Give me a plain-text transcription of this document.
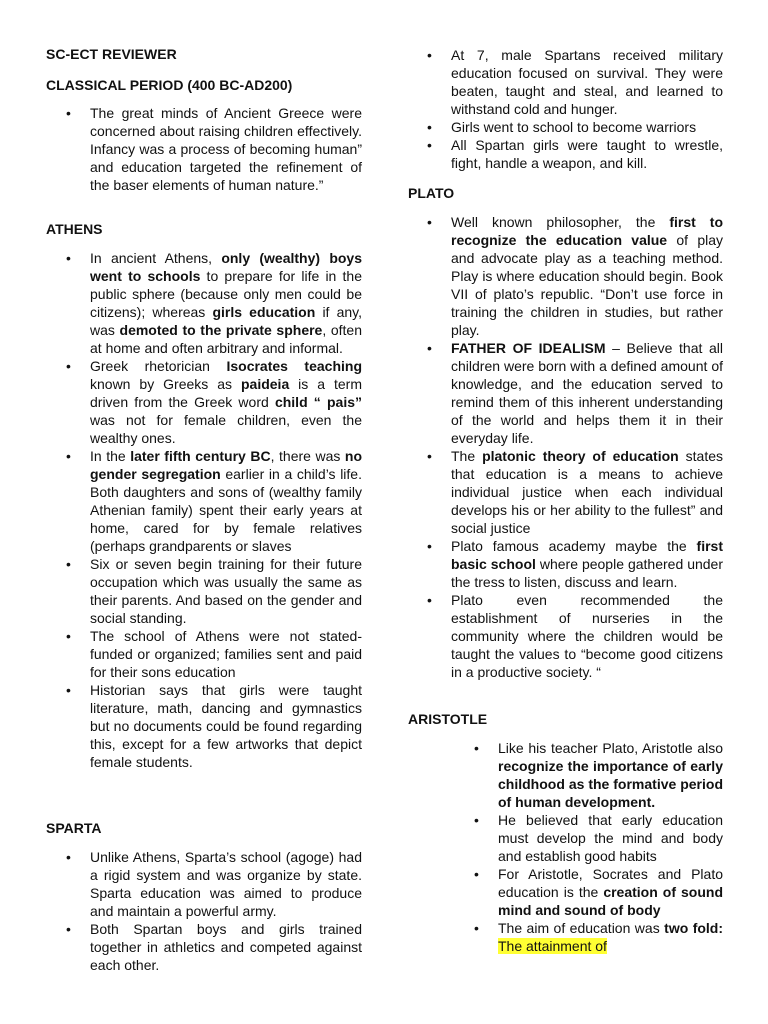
SC-ECT REVIEWER
CLASSICAL PERIOD (400 BC-AD200)
• The great minds of Ancient Greece were concerned about raising children effectively. Infancy was a process of becoming human” and education targeted the refinement of the baser elements of human nature.”
ATHENS
• In ancient Athens, only (wealthy) boys went to schools to prepare for life in the public sphere (because only men could be citizens); whereas girls education if any, was demoted to the private sphere, often at home and often arbitrary and informal.
• Greek rhetorician Isocrates teaching known by Greeks as paideia is a term driven from the Greek word child “ pais” was not for female children, even the wealthy ones.
• In the later fifth century BC, there was no gender segregation earlier in a child’s life. Both daughters and sons of (wealthy family Athenian family) spent their early years at home, cared for by female relatives (perhaps grandparents or slaves
• Six or seven begin training for their future occupation which was usually the same as their parents. And based on the gender and social standing.
• The school of Athens were not stated-funded or organized; families sent and paid for their sons education
• Historian says that girls were taught literature, math, dancing and gymnastics but no documents could be found regarding this, except for a few artworks that depict female students.
SPARTA
• Unlike Athens, Sparta’s school (agoge) had a rigid system and was organize by state. Sparta education was aimed to produce and maintain a powerful army.
• Both Spartan boys and girls trained together in athletics and competed against each other.
• At 7, male Spartans received military education focused on survival. They were beaten, taught and steal, and learned to withstand cold and hunger.
• Girls went to school to become warriors
• All Spartan girls were taught to wrestle, fight, handle a weapon, and kill.
PLATO
• Well known philosopher, the first to recognize the education value of play and advocate play as a teaching method. Play is where education should begin. Book VII of plato’s republic. “Don’t use force in training the children in studies, but rather play.
• FATHER OF IDEALISM – Believe that all children were born with a defined amount of knowledge, and the education served to remind them of this inherent understanding of the world and helps them it in their everyday life.
• The platonic theory of education states that education is a means to achieve individual justice when each individual develops his or her ability to the fullest” and social justice
• Plato famous academy maybe the first basic school where people gathered under the tress to listen, discuss and learn.
• Plato even recommended the establishment of nurseries in the community where the children would be taught the values to “become good citizens in a productive society. “
ARISTOTLE
• Like his teacher Plato, Aristotle also recognize the importance of early childhood as the formative period of human development.
• He believed that early education must develop the mind and body and establish good habits
• For Aristotle, Socrates and Plato education is the creation of sound mind and sound of body
• The aim of education was two fold: The attainment of
